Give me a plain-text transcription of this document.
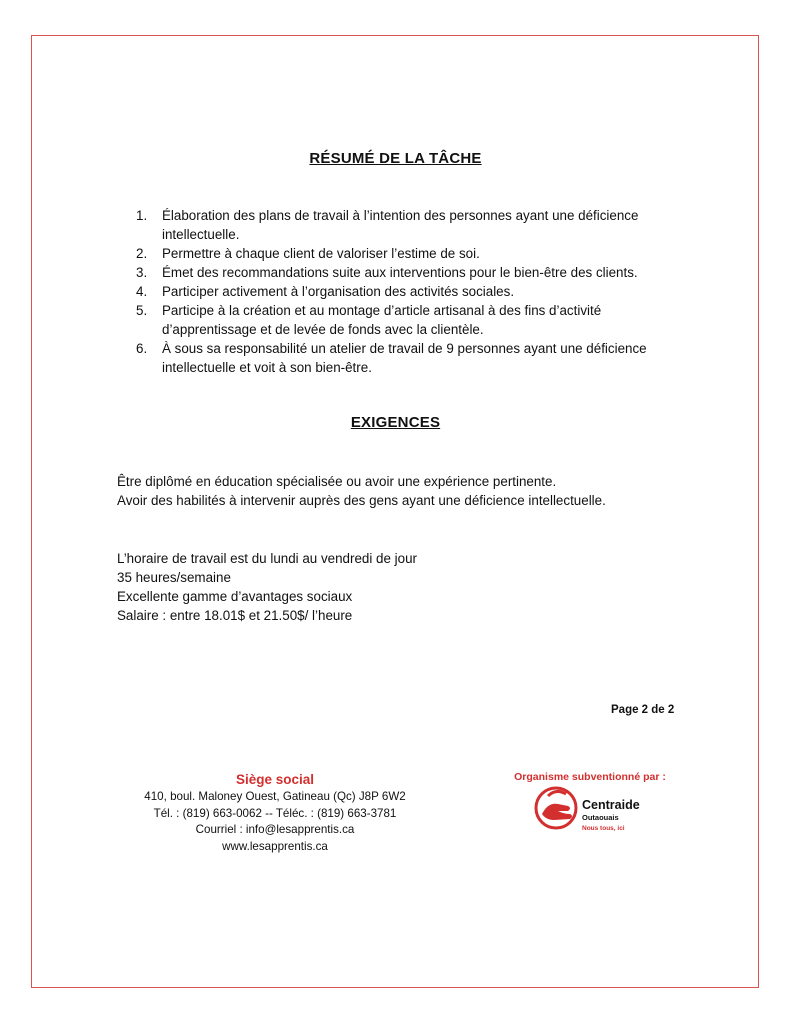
RÉSUMÉ DE LA TÂCHE
1. Élaboration des plans de travail à l’intention des personnes ayant une déficience
intellectuelle.
2. Permettre à chaque client de valoriser l’estime de soi.
3. Émet des recommandations suite aux interventions pour le bien-être des clients.
4. Participer activement à l’organisation des activités sociales.
5. Participe à la création et au montage d’article artisanal à des fins d’activité
d’apprentissage et de levée de fonds avec la clientèle.
6. À sous sa responsabilité un atelier de travail de 9 personnes ayant une déficience
intellectuelle et voit à son bien-être.
EXIGENCES
Être diplômé en éducation spécialisée ou avoir une expérience pertinente.
Avoir des habilités à intervenir auprès des gens ayant une déficience intellectuelle.
L’horaire de travail est du lundi au vendredi de jour
35 heures/semaine
Excellente gamme d’avantages sociaux
Salaire : entre 18.01$ et 21.50$/ l’heure
Page 2 de 2
Siège social
410, boul. Maloney Ouest, Gatineau (Qc) J8P 6W2
Tél. : (819) 663-0062 -- Téléc. : (819) 663-3781
Courriel : info@lesapprentis.ca
www.lesapprentis.ca
Organisme subventionné par :
Centraide
Outaouais
Nous tous, ici
